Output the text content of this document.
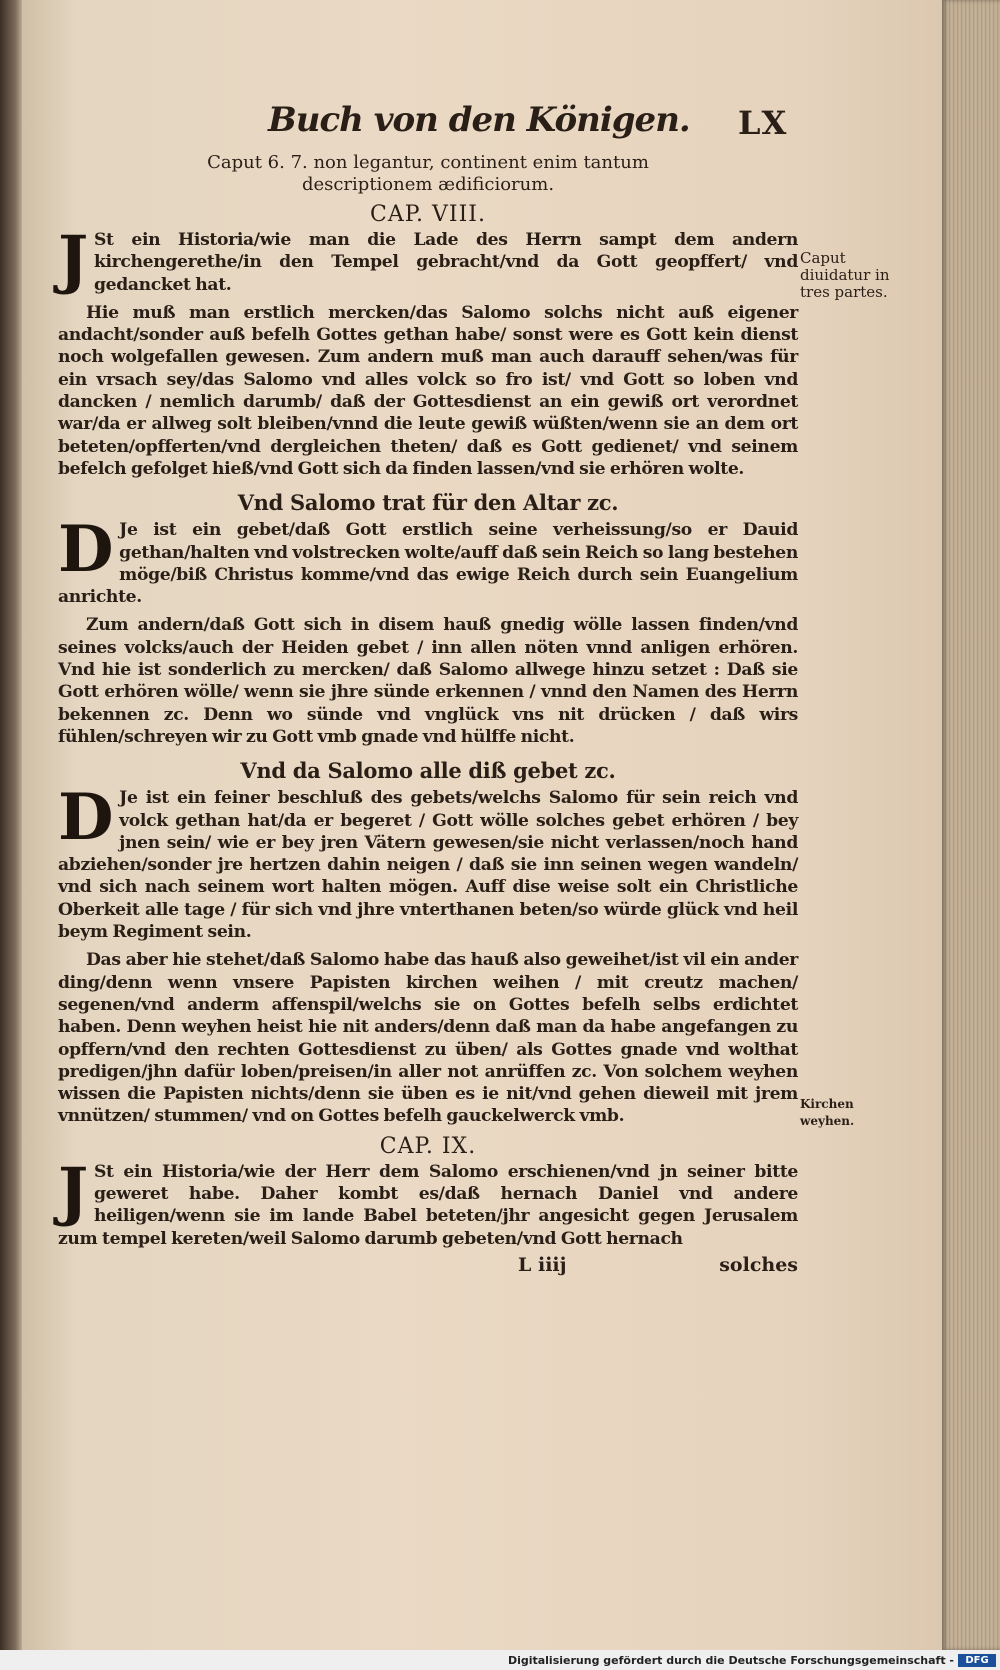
Buch von den Königen. LX
Caput 6. 7. non legantur, continent enim tantum
descriptionem ædificiorum.
CAP. VIII.

J St ein Historia/wie man die Lade des Herrn sampt dem andern kirchengerethe/in den Tempel gebracht/vnd da Gott geopffert/ vnd gedancket hat.

Hie muß man erstlich mercken/das Salomo solchs nicht auß eigener andacht/sonder auß befelh Gottes gethan habe/ sonst were es Gott kein dienst noch wolgefallen gewesen. Zum andern muß man auch darauff sehen/was für ein vrsach sey/das Salomo vnd alles volck so fro ist/ vnd Gott so loben vnd dancken / nemlich darumb/ daß der Gottesdienst an ein gewiß ort verordnet war/da er allweg solt bleiben/vnnd die leute gewiß wüßten/wenn sie an dem ort beteten/opfferten/vnd dergleichen theten/ daß es Gott gedienet/ vnd seinem befelch gefolget hieß/vnd Gott sich da finden lassen/vnd sie erhören wolte.

Vnd Salomo trat für den Altar zc.

D Je ist ein gebet/daß Gott erstlich seine verheissung/so er Dauid gethan/halten vnd volstrecken wolte/auff daß sein Reich so lang bestehen möge/biß Christus komme/vnd das ewige Reich durch sein Euangelium anrichte.

Zum andern/daß Gott sich in disem hauß gnedig wölle lassen finden/vnd seines volcks/auch der Heiden gebet / inn allen nöten vnnd anligen erhören. Vnd hie ist sonderlich zu mercken/ daß Salomo allwege hinzu setzet : Daß sie Gott erhören wölle/ wenn sie jhre sünde erkennen / vnnd den Namen des Herrn bekennen zc. Denn wo sünde vnd vnglück vns nit drücken / daß wirs fühlen/schreyen wir zu Gott vmb gnade vnd hülffe nicht.

Vnd da Salomo alle diß gebet zc.

D Je ist ein feiner beschluß des gebets/welchs Salomo für sein reich vnd volck gethan hat/da er begeret / Gott wölle solches gebet erhören / bey jnen sein/ wie er bey jren Vätern gewesen/sie nicht verlassen/noch hand abziehen/sonder jre hertzen dahin neigen / daß sie inn seinen wegen wandeln/ vnd sich nach seinem wort halten mögen. Auff dise weise solt ein Christliche Oberkeit alle tage / für sich vnd jhre vnterthanen beten/so würde glück vnd heil beym Regiment sein.

Das aber hie stehet/daß Salomo habe das hauß also geweihet/ist vil ein ander ding/denn wenn vnsere Papisten kirchen weihen / mit creutz machen/ segenen/vnd anderm affenspil/welchs sie on Gottes befelh selbs erdichtet haben. Denn weyhen heist hie nit anders/denn daß man da habe angefangen zu opffern/vnd den rechten Gottesdienst zu üben/ als Gottes gnade vnd wolthat predigen/jhn dafür loben/preisen/in aller not anrüffen zc. Von solchem weyhen wissen die Papisten nichts/denn sie üben es ie nit/vnd gehen dieweil mit jrem vnnützen/ stummen/ vnd on Gottes befelh gauckelwerck vmb.

CAP. IX.

J St ein Historia/wie der Herr dem Salomo erschienen/vnd jn seiner bitte geweret habe. Daher kombt es/daß hernach Daniel vnd andere heiligen/wenn sie im lande Babel beteten/jhr angesicht gegen Jerusalem zum tempel kereten/weil Salomo darumb gebeten/vnd Gott hernach

L iiij	solches
Caput diuidatur in tres partes.
Kirchen weyhen.
Digitalisierung gefördert durch die Deutsche Forschungsgemeinschaft -	DFG
